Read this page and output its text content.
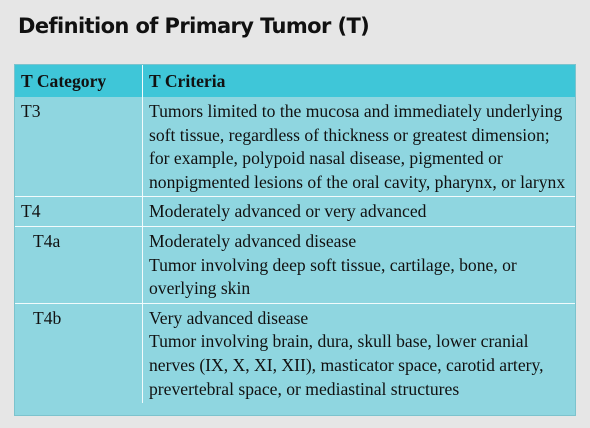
Definition of Primary Tumor (T)
T Category	T Criteria
T3	Tumors limited to the mucosa and immediately underlying soft tissue, regardless of thickness or greatest dimension; for example, polypoid nasal disease, pigmented or nonpigmented lesions of the oral cavity, pharynx, or larynx

T4	Moderately advanced or very advanced

T4a	Moderately advanced disease
Tumor involving deep soft tissue, cartilage, bone, or overlying skin

T4b	Very advanced disease
Tumor involving brain, dura, skull base, lower cranial nerves (IX, X, XI, XII), masticator space, carotid artery, prevertebral space, or mediastinal structures
